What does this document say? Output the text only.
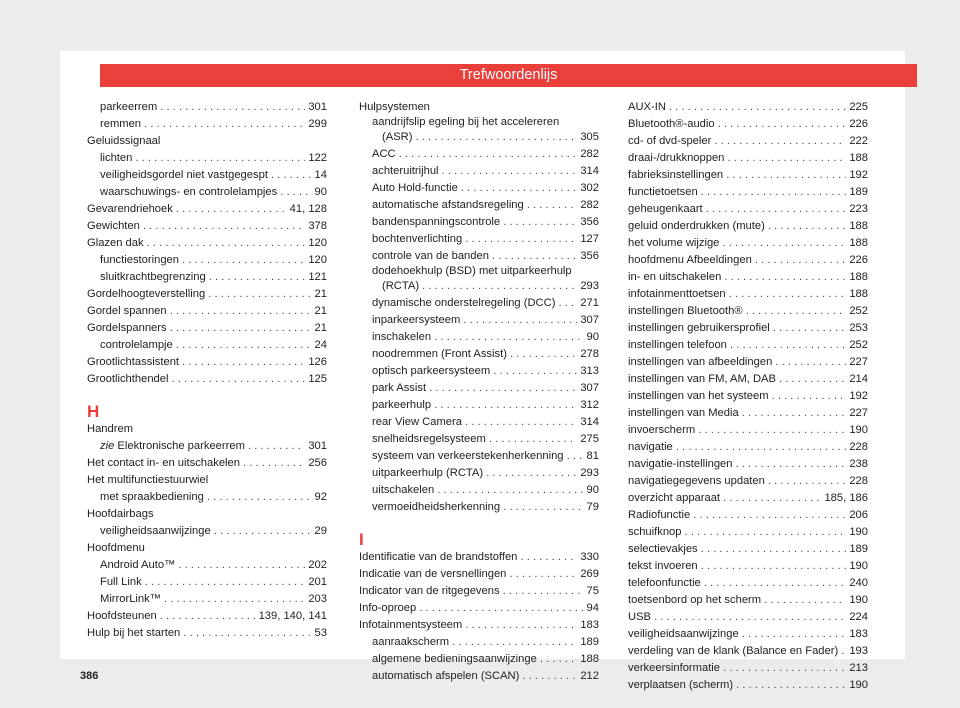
Trefwoordenlijs
386
parkeerrem . . .	301
remmen . . .	299
Geluidssignaal
lichten . . .	122
veiligheidsgordel niet vastgegespt . . .	14
waarschuwings- en controlelampjes . . .	90
Gevarendriehoek . . .	41, 128
Gewichten . . .	378
Glazen dak . . .	120
functiestoringen . . .	120
sluitkrachtbegrenzing . . .	121
Gordelhoogteverstelling . . .	21
Gordel spannen . . .	21
Gordelspanners . . .	21
controlelampje . . .	24
Grootlichtassistent . . .	126
Grootlichthendel . . .	125
H
Handrem
zie Elektronische parkeerrem . . .	301
Het contact in- en uitschakelen . . .	256
Het multifunctiestuurwiel
met spraakbediening . . .	92
Hoofdairbags
veiligheidsaanwijzinge . . .	29
Hoofdmenu
Android Auto™ . . .	202
Full Link . . .	201
MirrorLink™ . . .	203
Hoofdsteunen . . .	139, 140, 141
Hulp bij het starten . . .	53
Hulpsystemen
aandrijfslip egeling bij het accelereren
(ASR) . . .	305
ACC . . .	282
achteruitrijhul . . .	314
Auto Hold-functie . . .	302
automatische afstandsregeling . . .	282
bandenspanningscontrole . . .	356
bochtenverlichting . . .	127
controle van de banden . . .	356
dodehoekhulp (BSD) met uitparkeerhulp
(RCTA) . . .	293
dynamische onderstelregeling (DCC) . . .	271
inparkeersysteem . . .	307
inschakelen . . .	90
noodremmen (Front Assist) . . .	278
optisch parkeersysteem . . .	313
park Assist . . .	307
parkeerhulp . . .	312
rear View Camera . . .	314
snelheidsregelsysteem . . .	275
systeem van verkeerstekenherkenning . . .	81
uitparkeerhulp (RCTA) . . .	293
uitschakelen . . .	90
vermoeidheidsherkenning . . .	79
I
Identificatie van de brandstoffen . . .	330
Indicatie van de versnellingen . . .	269
Indicator van de ritgegevens . . .	75
Info-oproep . . .	94
Infotainmentsysteem . . .	183
aanraakscherm . . .	189
algemene bedieningsaanwijzinge . . .	188
automatisch afspelen (SCAN) . . .	212
AUX-IN . . .	225
Bluetooth®-audio . . .	226
cd- of dvd-speler . . .	222
draai-/drukknoppen . . .	188
fabrieksinstellingen . . .	192
functietoetsen . . .	189
geheugenkaart . . .	223
geluid onderdrukken (mute) . . .	188
het volume wijzige . . .	188
hoofdmenu Afbeeldingen . . .	226
in- en uitschakelen . . .	188
infotainmenttoetsen . . .	188
instellingen Bluetooth® . . .	252
instellingen gebruikersprofiel . . .	253
instellingen telefoon . . .	252
instellingen van afbeeldingen . . .	227
instellingen van FM, AM, DAB . . .	214
instellingen van het systeem . . .	192
instellingen van Media . . .	227
invoerscherm . . .	190
navigatie . . .	228
navigatie-instellingen . . .	238
navigatiegegevens updaten . . .	228
overzicht apparaat . . .	185, 186
Radiofunctie . . .	206
schuifknop . . .	190
selectievakjes . . .	189
tekst invoeren . . .	190
telefoonfunctie . . .	240
toetsenbord op het scherm . . .	190
USB . . .	224
veiligheidsaanwijzinge . . .	183
verdeling van de klank (Balance en Fader) . . . 193
verkeersinformatie . . .	213
verplaatsen (scherm) . . .	190
